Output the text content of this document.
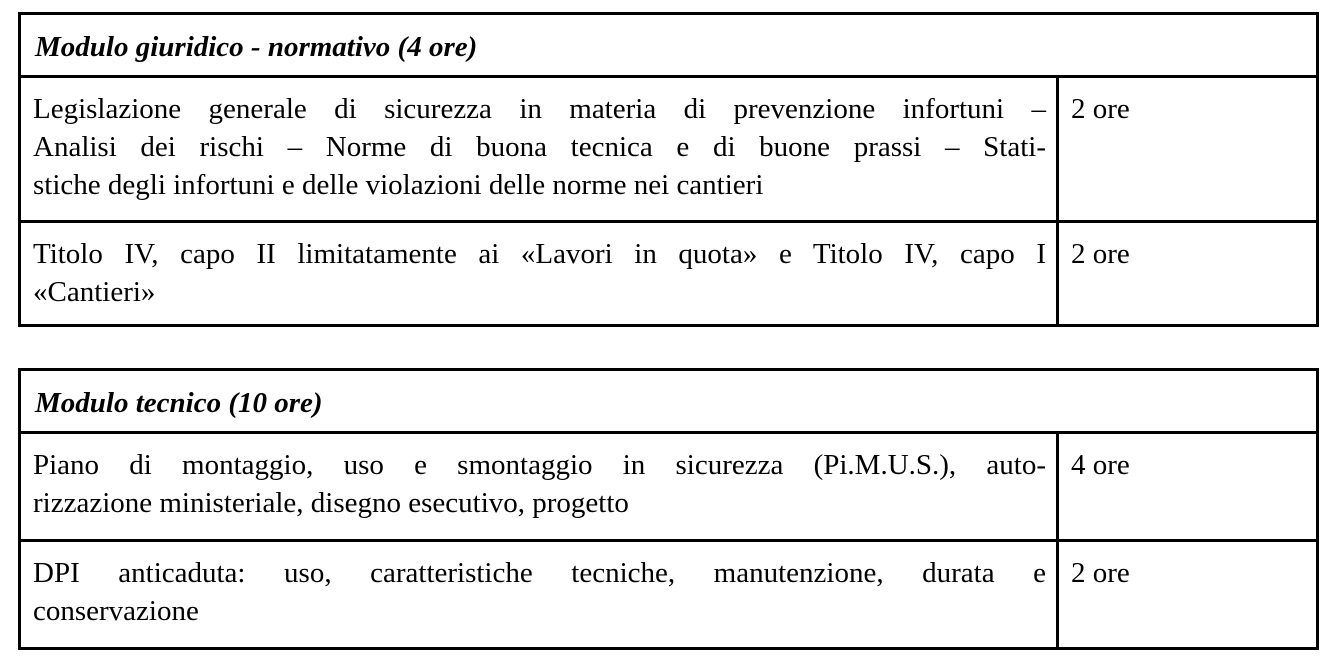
Modulo giuridico - normativo (4 ore)	

Legislazione generale di sicurezza in materia di prevenzione infortuni –
Analisi dei rischi – Norme di buona tecnica e di buone prassi – Stati-
stiche degli infortuni e delle violazioni delle norme nei cantieri	2 ore

Titolo IV, capo II limitatamente ai «Lavori in quota» e Titolo IV, capo I
«Cantieri»	2 ore
Modulo tecnico (10 ore)	

Piano di montaggio, uso e smontaggio in sicurezza (Pi.M.U.S.), auto-
rizzazione ministeriale, disegno esecutivo, progetto	4 ore

DPI anticaduta: uso, caratteristiche tecniche, manutenzione, durata e
conservazione	2 ore
